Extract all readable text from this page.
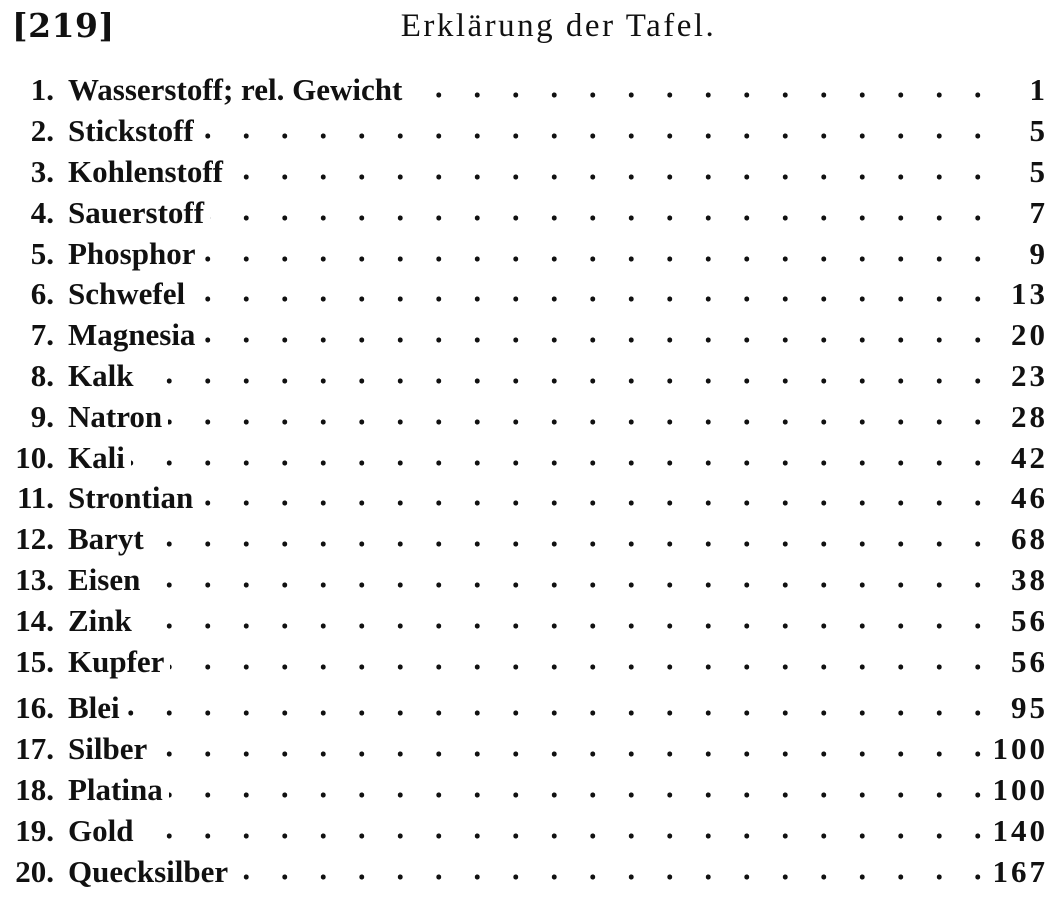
[219]	Erklärung der Tafel.
1. Wasserstoff; rel. Gewicht	1
2. Stickstoff	5
3. Kohlenstoff	5
4. Sauerstoff	7
5. Phosphor	9
6. Schwefel	13
7. Magnesia	20
8. Kalk	23
9. Natron	28
10. Kali	42
11. Strontian	46
12. Baryt	68
13. Eisen	38
14. Zink	56
15. Kupfer	56
16. Blei	95
17. Silber	100
18. Platina	100
19. Gold	140
20. Quecksilber	167
